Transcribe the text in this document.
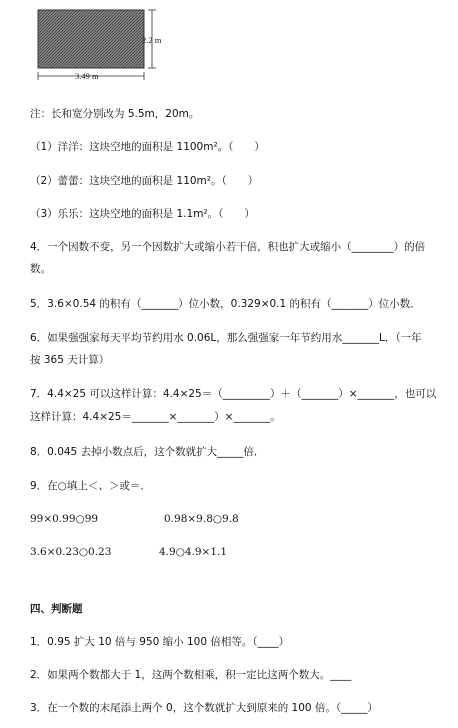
2.2 m
3.49 m
注：长和宽分别改为 5.5m，20m。
（1）洋洋：这块空地的面积是 1100m²。（　　）
（2）蕾蕾：这块空地的面积是 110m²。（　　）
（3）乐乐：这块空地的面积是 1.1m²。（　　）
4．一个因数不变，另一个因数扩大或缩小若干倍，积也扩大或缩小（________）的倍
数。
5．3.6×0.54 的积有（_______）位小数，0.329×0.1 的积有（_______）位小数．
6．如果强强家每天平均节约用水 0.06L，那么强强家一年节约用水_______L．（一年
按 365 天计算）
7．4.4×25 可以这样计算：4.4×25＝（_________）＋（_______）×_______，也可以
这样计算：4.4×25＝_______×_______）×_______。
8．0.045 去掉小数点后，这个数就扩大_____倍．
9．在○填上＜、＞或＝．
99×0.99○99	0.98×9.8○9.8
3.6×0.23○0.23	4.9○4.9×1.1
四、判断题
1．0.95 扩大 10 倍与 950 缩小 100 倍相等。（____）
2．如果两个数都大于 1，这两个数相乘，积一定比这两个数大。____
3．在一个数的末尾添上两个 0，这个数就扩大到原来的 100 倍。（_____）
